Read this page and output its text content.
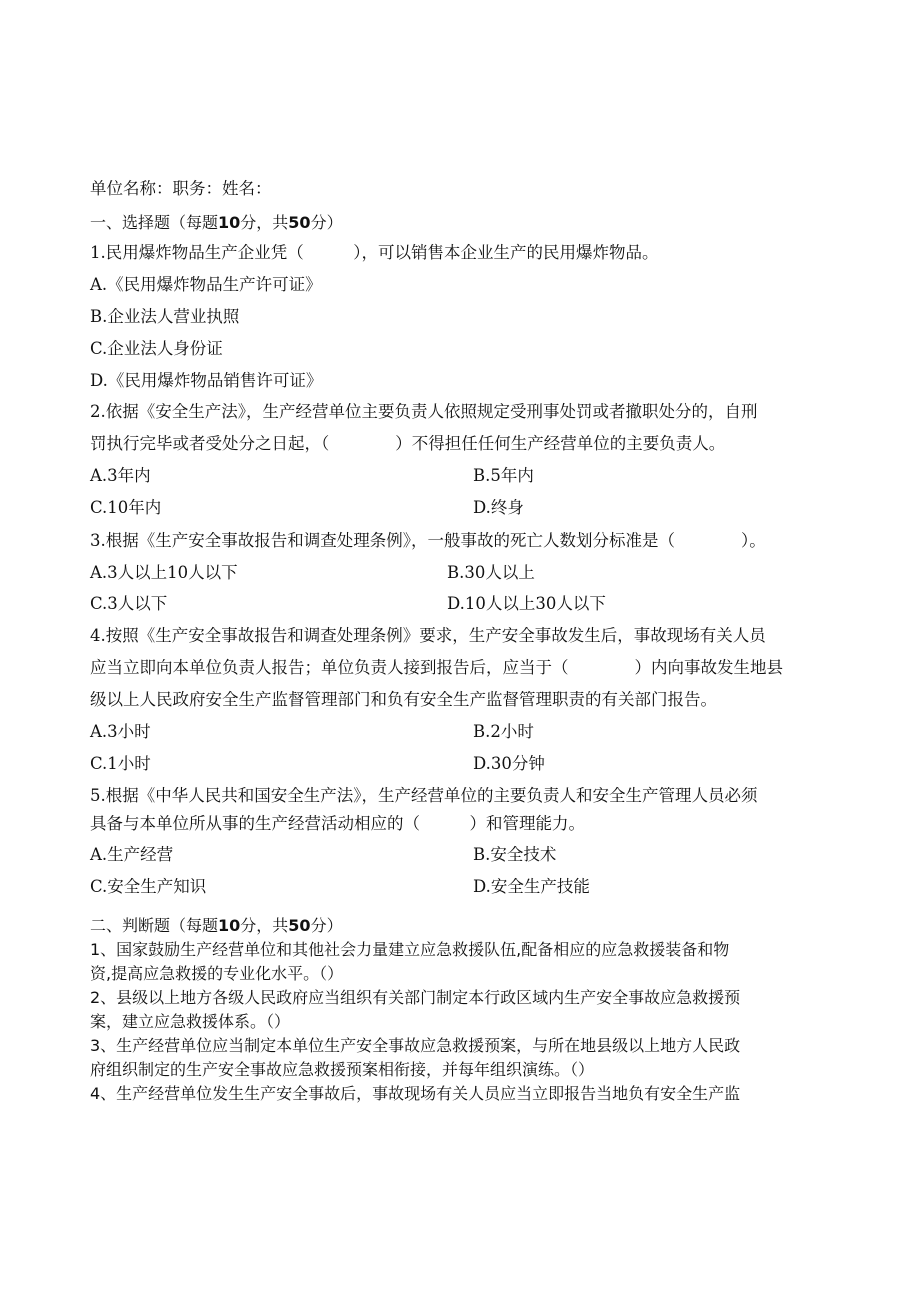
单位名称：职务：姓名：
一、选择题（每题10分，共50分）
1.民用爆炸物品生产企业凭（　　　），可以销售本企业生产的民用爆炸物品。
A.《民用爆炸物品生产许可证》
B.企业法人营业执照
C.企业法人身份证
D.《民用爆炸物品销售许可证》
2.依据《安全生产法》，生产经营单位主要负责人依照规定受刑事处罚或者撤职处分的，自刑
罚执行完毕或者受处分之日起，（　　　　）不得担任任何生产经营单位的主要负责人。
A.3年内	B.5年内
C.10年内	D.终身
3.根据《生产安全事故报告和调查处理条例》，一般事故的死亡人数划分标准是（　　　　）。
A.3人以上10人以下	B.30人以上
C.3人以下	D.10人以上30人以下
4.按照《生产安全事故报告和调查处理条例》要求，生产安全事故发生后，事故现场有关人员
应当立即向本单位负责人报告；单位负责人接到报告后，应当于（　　　　）内向事故发生地县
级以上人民政府安全生产监督管理部门和负有安全生产监督管理职责的有关部门报告。
A.3小时	B.2小时
C.1小时	D.30分钟
5.根据《中华人民共和国安全生产法》，生产经营单位的主要负责人和安全生产管理人员必须
具备与本单位所从事的生产经营活动相应的（　　　）和管理能力。
A.生产经营	B.安全技术
C.安全生产知识	D.安全生产技能
二、判断题（每题10分，共50分）
1、国家鼓励生产经营单位和其他社会力量建立应急救援队伍,配备相应的应急救援装备和物
资,提高应急救援的专业化水平。（）
2、县级以上地方各级人民政府应当组织有关部门制定本行政区域内生产安全事故应急救援预
案，建立应急救援体系。（）
3、生产经营单位应当制定本单位生产安全事故应急救援预案，与所在地县级以上地方人民政
府组织制定的生产安全事故应急救援预案相衔接，并每年组织演练。（）
4、生产经营单位发生生产安全事故后，事故现场有关人员应当立即报告当地负有安全生产监
